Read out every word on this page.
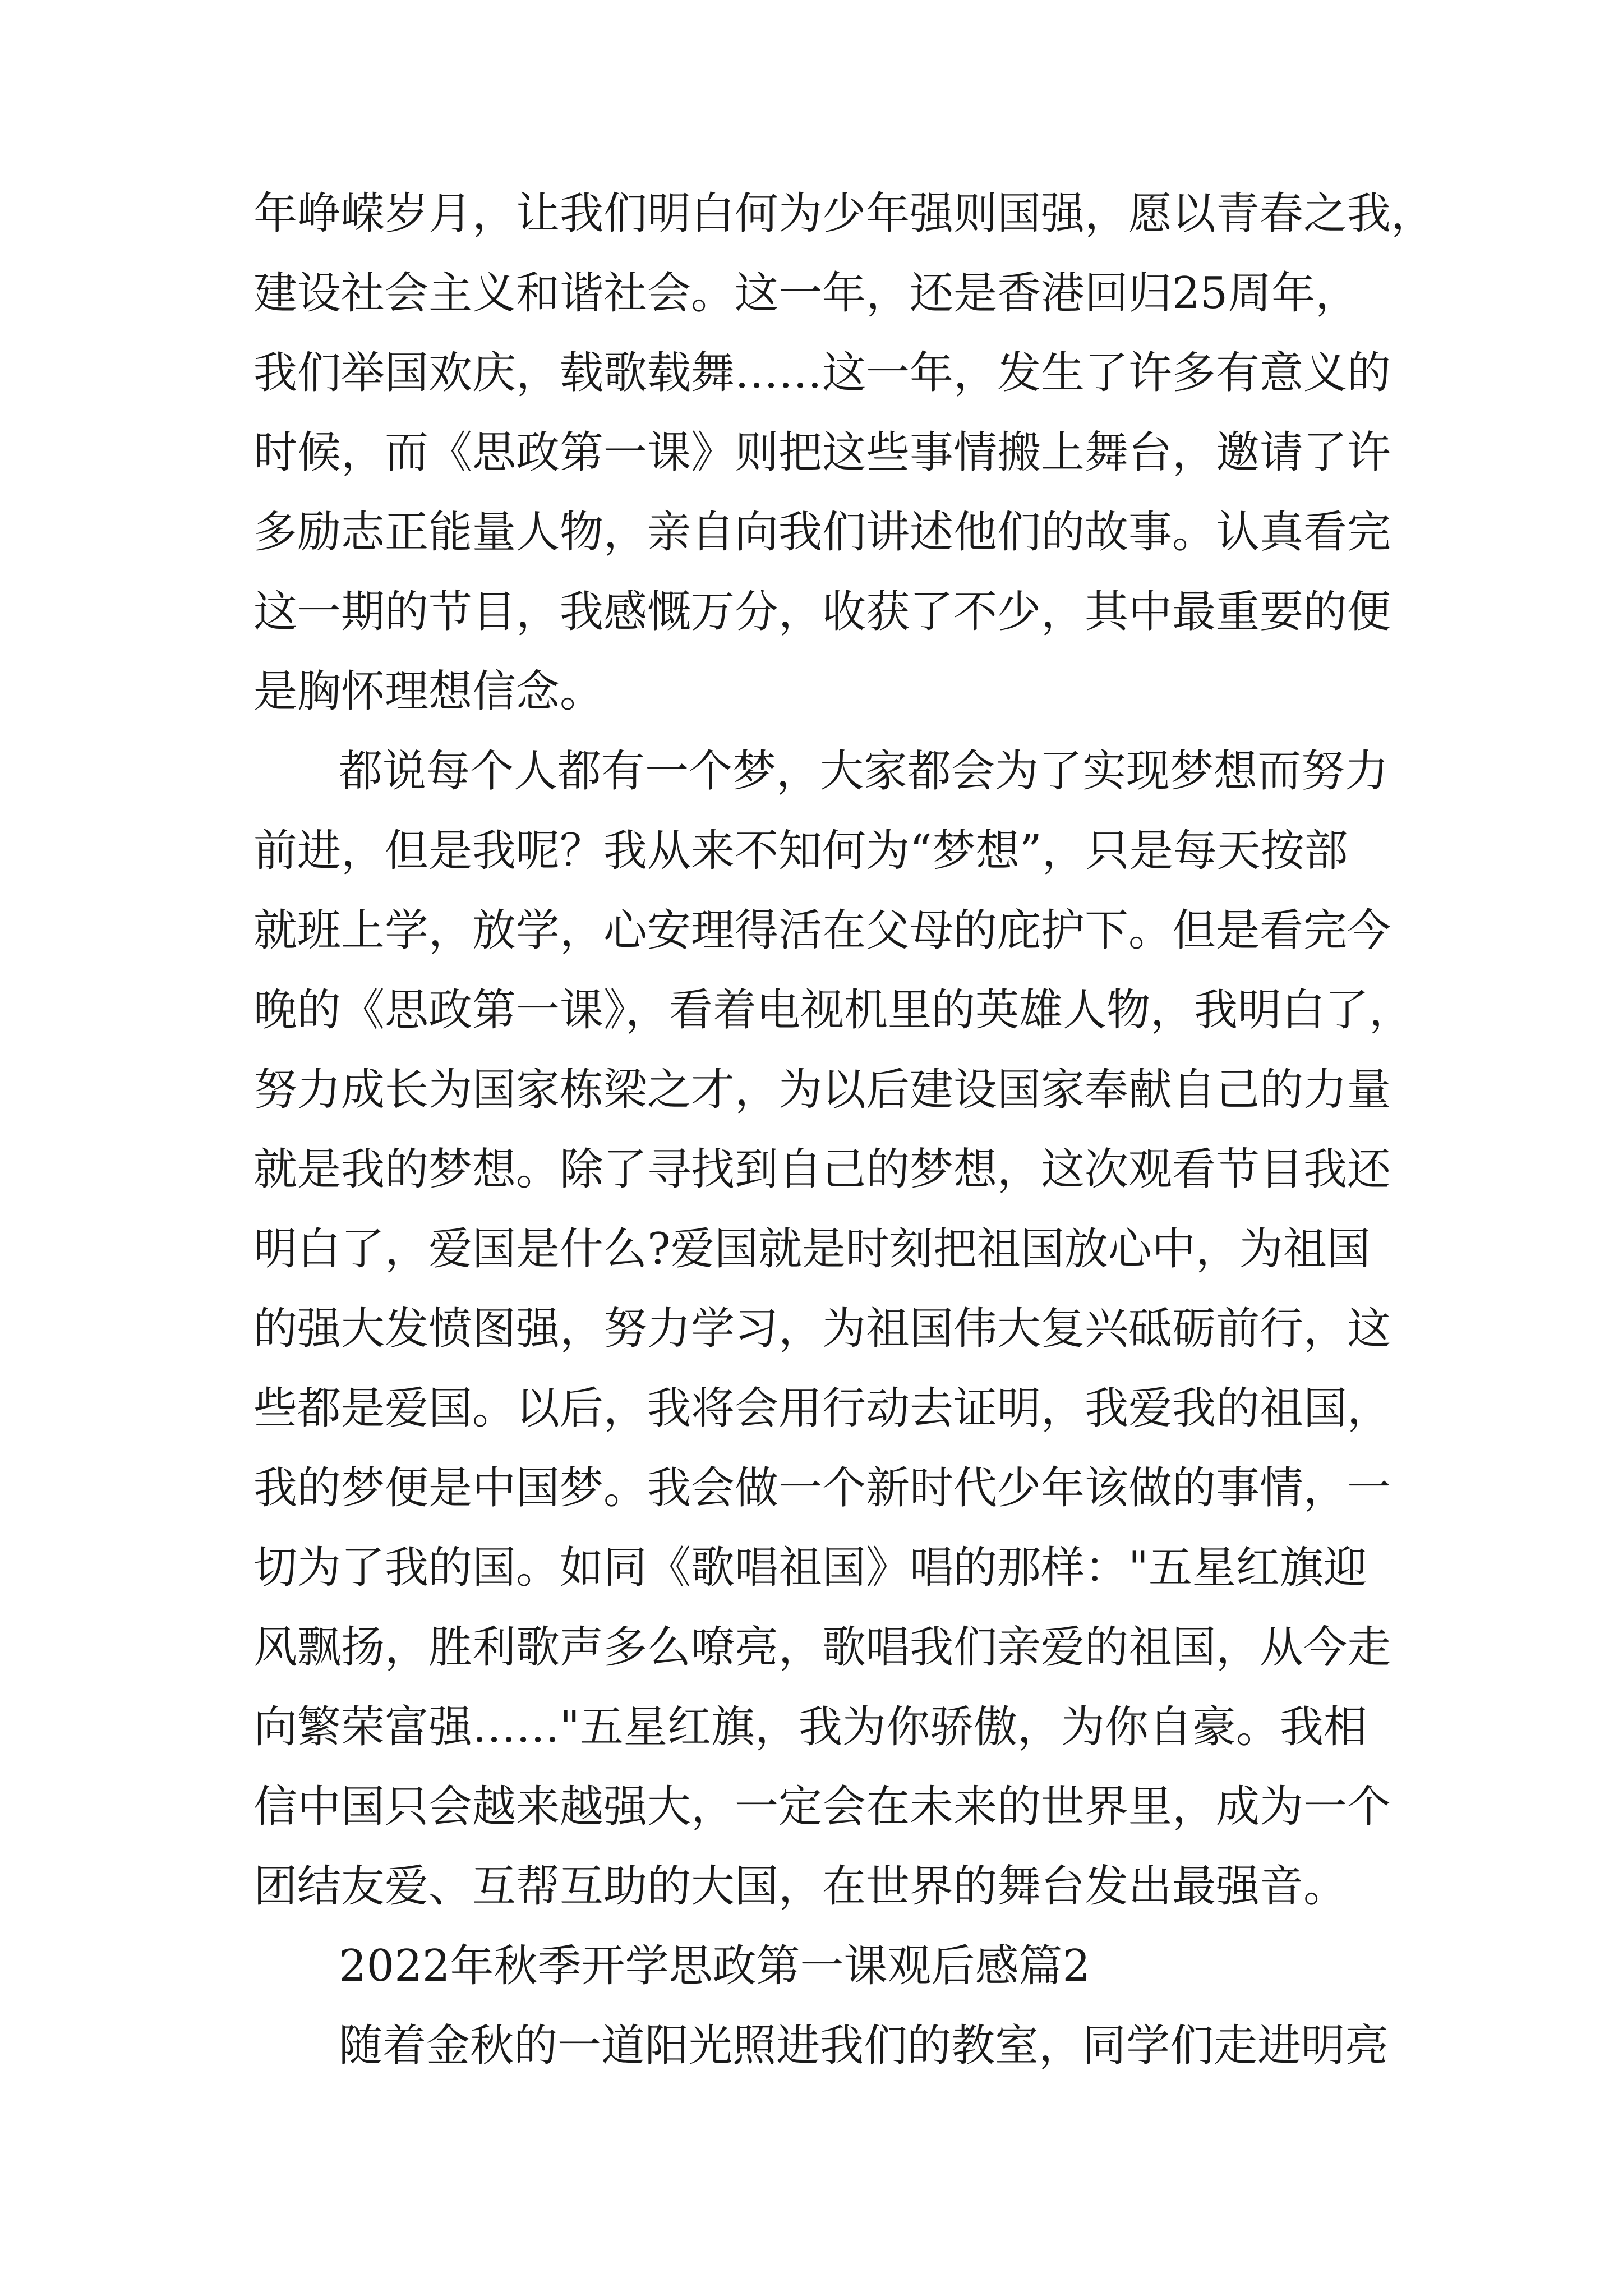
年峥嵘岁月，让我们明白何为少年强则国强，愿以青春之我，
建设社会主义和谐社会。这一年，还是香港回归25周年，
我们举国欢庆，载歌载舞……这一年，发生了许多有意义的
时候，而《思政第一课》则把这些事情搬上舞台，邀请了许
多励志正能量人物，亲自向我们讲述他们的故事。认真看完
这一期的节目，我感慨万分，收获了不少，其中最重要的便
是胸怀理想信念。
都说每个人都有一个梦，大家都会为了实现梦想而努力
前进，但是我呢？我从来不知何为“梦想”，只是每天按部
就班上学，放学，心安理得活在父母的庇护下。但是看完今
晚的《思政第一课》，看着电视机里的英雄人物，我明白了，
努力成长为国家栋梁之才，为以后建设国家奉献自己的力量
就是我的梦想。除了寻找到自己的梦想，这次观看节目我还
明白了，爱国是什么?爱国就是时刻把祖国放心中，为祖国
的强大发愤图强，努力学习，为祖国伟大复兴砥砺前行，这
些都是爱国。以后，我将会用行动去证明，我爱我的祖国，
我的梦便是中国梦。我会做一个新时代少年该做的事情，一
切为了我的国。如同《歌唱祖国》唱的那样："五星红旗迎
风飘扬，胜利歌声多么嘹亮，歌唱我们亲爱的祖国，从今走
向繁荣富强……"五星红旗，我为你骄傲，为你自豪。我相
信中国只会越来越强大，一定会在未来的世界里，成为一个
团结友爱、互帮互助的大国，在世界的舞台发出最强音。
2022年秋季开学思政第一课观后感篇2
随着金秋的一道阳光照进我们的教室，同学们走进明亮
